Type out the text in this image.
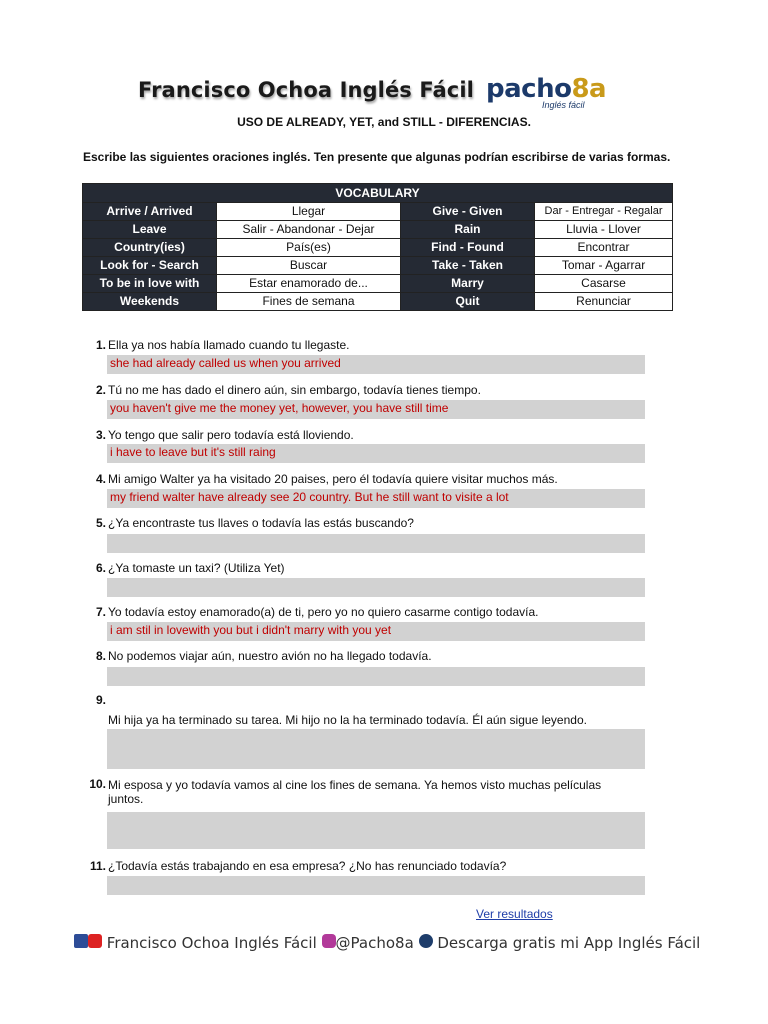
Francisco Ochoa Inglés Fácil pacho8a
Inglés fácil
USO DE ALREADY, YET, and STILL - DIFERENCIAS.
Escribe las siguientes oraciones inglés. Ten presente que algunas podrían escribirse de varias formas.
VOCABULARY			
Arrive / Arrived	Llegar	Give - Given	Dar - Entregar - Regalar
Leave	Salir - Abandonar - Dejar	Rain	Lluvia - Llover
Country(ies)	País(es)	Find - Found	Encontrar
Look for - Search	Buscar	Take - Taken	Tomar - Agarrar
To be in love with	Estar enamorado de...	Marry	Casarse
Weekends	Fines de semana	Quit	Renunciar
1. Ella ya nos había llamado cuando tu llegaste.
she had already called us when you arrived
2. Tú no me has dado el dinero aún, sin embargo, todavía tienes tiempo.
you haven't give me the money yet, however, you have still time
3. Yo tengo que salir pero todavía está lloviendo.
i have to leave but it's still raing
4. Mi amigo Walter ya ha visitado 20 paises, pero él todavía quiere visitar muchos más.
my friend walter have already see 20 country. But he still want to visite a lot
5. ¿Ya encontraste tus llaves o todavía las estás buscando?
6. ¿Ya tomaste un taxi? (Utiliza Yet)
7. Yo todavía estoy enamorado(a) de ti, pero yo no quiero casarme contigo todavía.
i am stil in lovewith you but i didn't marry with you yet
8. No podemos viajar aún, nuestro avión no ha llegado todavía.
9.
Mi hija ya ha terminado su tarea. Mi hijo no la ha terminado todavía. Él aún sigue leyendo.
10. Mi esposa y yo todavía vamos al cine los fines de semana. Ya hemos visto muchas películas juntos.
11. ¿Todavía estás trabajando en esa empresa? ¿No has renunciado todavía?
Ver resultados
Francisco Ochoa Inglés Fácil @Pacho8a Descarga gratis mi App Inglés Fácil
